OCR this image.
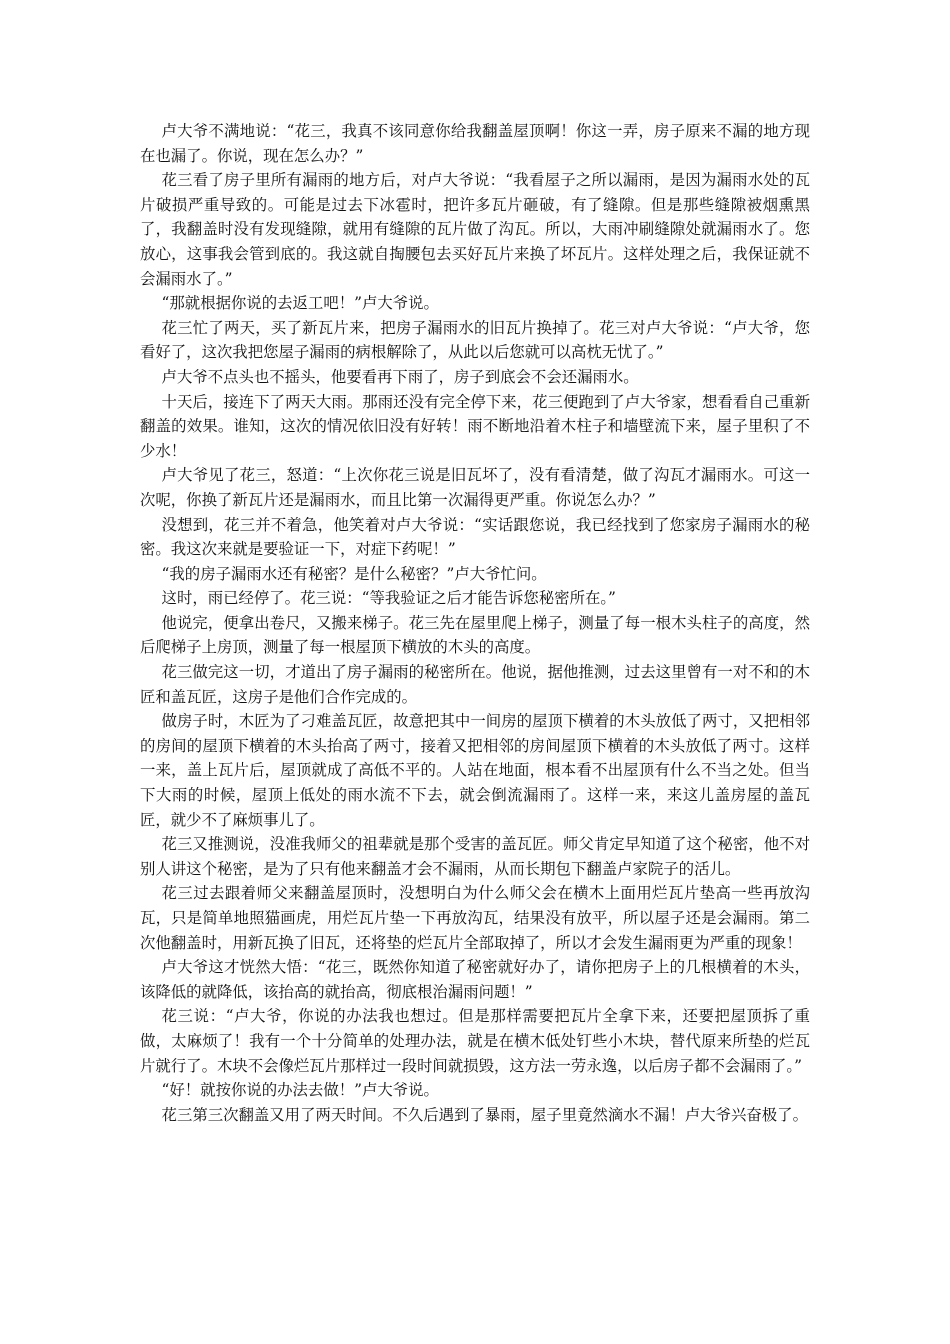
卢大爷不满地说：“花三，我真不该同意你给我翻盖屋顶啊！你这一弄，房子原来不漏的地方现在也漏了。你说，现在怎么办？”

花三看了房子里所有漏雨的地方后，对卢大爷说：“我看屋子之所以漏雨，是因为漏雨水处的瓦片破损严重导致的。可能是过去下冰雹时，把许多瓦片砸破，有了缝隙。但是那些缝隙被烟熏黑了，我翻盖时没有发现缝隙，就用有缝隙的瓦片做了沟瓦。所以，大雨冲刷缝隙处就漏雨水了。您放心，这事我会管到底的。我这就自掏腰包去买好瓦片来换了坏瓦片。这样处理之后，我保证就不会漏雨水了。”

“那就根据你说的去返工吧！”卢大爷说。

花三忙了两天，买了新瓦片来，把房子漏雨水的旧瓦片换掉了。花三对卢大爷说：“卢大爷，您看好了，这次我把您屋子漏雨的病根解除了，从此以后您就可以高枕无忧了。”

卢大爷不点头也不摇头，他要看再下雨了，房子到底会不会还漏雨水。

十天后，接连下了两天大雨。那雨还没有完全停下来，花三便跑到了卢大爷家，想看看自己重新翻盖的效果。谁知，这次的情况依旧没有好转！雨不断地沿着木柱子和墙壁流下来，屋子里积了不少水！

卢大爷见了花三，怒道：“上次你花三说是旧瓦坏了，没有看清楚，做了沟瓦才漏雨水。可这一次呢，你换了新瓦片还是漏雨水，而且比第一次漏得更严重。你说怎么办？”

没想到，花三并不着急，他笑着对卢大爷说：“实话跟您说，我已经找到了您家房子漏雨水的秘密。我这次来就是要验证一下，对症下药呢！”

“我的房子漏雨水还有秘密？是什么秘密？”卢大爷忙问。

这时，雨已经停了。花三说：“等我验证之后才能告诉您秘密所在。”

他说完，便拿出卷尺，又搬来梯子。花三先在屋里爬上梯子，测量了每一根木头柱子的高度，然后爬梯子上房顶，测量了每一根屋顶下横放的木头的高度。

花三做完这一切，才道出了房子漏雨的秘密所在。他说，据他推测，过去这里曾有一对不和的木匠和盖瓦匠，这房子是他们合作完成的。

做房子时，木匠为了刁难盖瓦匠，故意把其中一间房的屋顶下横着的木头放低了两寸，又把相邻的房间的屋顶下横着的木头抬高了两寸，接着又把相邻的房间屋顶下横着的木头放低了两寸。这样一来，盖上瓦片后，屋顶就成了高低不平的。人站在地面，根本看不出屋顶有什么不当之处。但当下大雨的时候，屋顶上低处的雨水流不下去，就会倒流漏雨了。这样一来，来这儿盖房屋的盖瓦匠，就少不了麻烦事儿了。

花三又推测说，没准我师父的祖辈就是那个受害的盖瓦匠。师父肯定早知道了这个秘密，他不对别人讲这个秘密，是为了只有他来翻盖才会不漏雨，从而长期包下翻盖卢家院子的活儿。

花三过去跟着师父来翻盖屋顶时，没想明白为什么师父会在横木上面用烂瓦片垫高一些再放沟瓦，只是简单地照猫画虎，用烂瓦片垫一下再放沟瓦，结果没有放平，所以屋子还是会漏雨。第二次他翻盖时，用新瓦换了旧瓦，还将垫的烂瓦片全部取掉了，所以才会发生漏雨更为严重的现象！

卢大爷这才恍然大悟：“花三，既然你知道了秘密就好办了，请你把房子上的几根横着的木头，该降低的就降低，该抬高的就抬高，彻底根治漏雨问题！”

花三说：“卢大爷，你说的办法我也想过。但是那样需要把瓦片全拿下来，还要把屋顶拆了重做，太麻烦了！我有一个十分简单的处理办法，就是在横木低处钉些小木块，替代原来所垫的烂瓦片就行了。木块不会像烂瓦片那样过一段时间就损毁，这方法一劳永逸，以后房子都不会漏雨了。”

“好！就按你说的办法去做！”卢大爷说。

花三第三次翻盖又用了两天时间。不久后遇到了暴雨，屋子里竟然滴水不漏！卢大爷兴奋极了。
